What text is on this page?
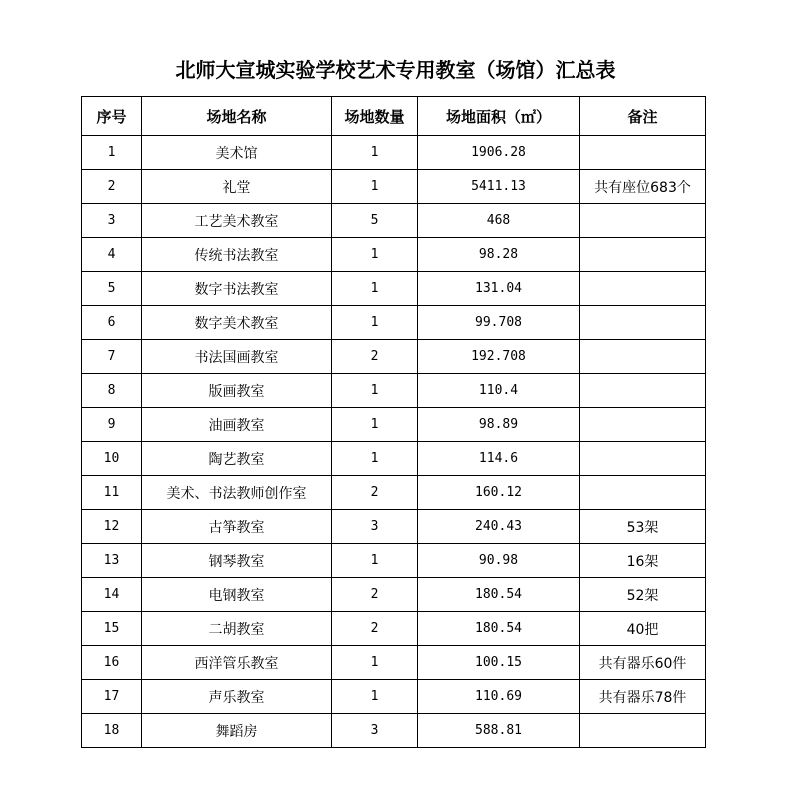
北师大宣城实验学校艺术专用教室（场馆）汇总表
序号	场地名称	场地数量	场地面积（㎡）	备注
1	美术馆	1	1906.28	
2	礼堂	1	5411.13	共有座位683个
3	工艺美术教室	5	468	
4	传统书法教室	1	98.28	
5	数字书法教室	1	131.04	
6	数字美术教室	1	99.708	
7	书法国画教室	2	192.708	
8	版画教室	1	110.4	
9	油画教室	1	98.89	
10	陶艺教室	1	114.6	
11	美术、书法教师创作室	2	160.12	
12	古筝教室	3	240.43	53架
13	钢琴教室	1	90.98	16架
14	电钢教室	2	180.54	52架
15	二胡教室	2	180.54	40把
16	西洋管乐教室	1	100.15	共有器乐60件
17	声乐教室	1	110.69	共有器乐78件
18	舞蹈房	3	588.81	
